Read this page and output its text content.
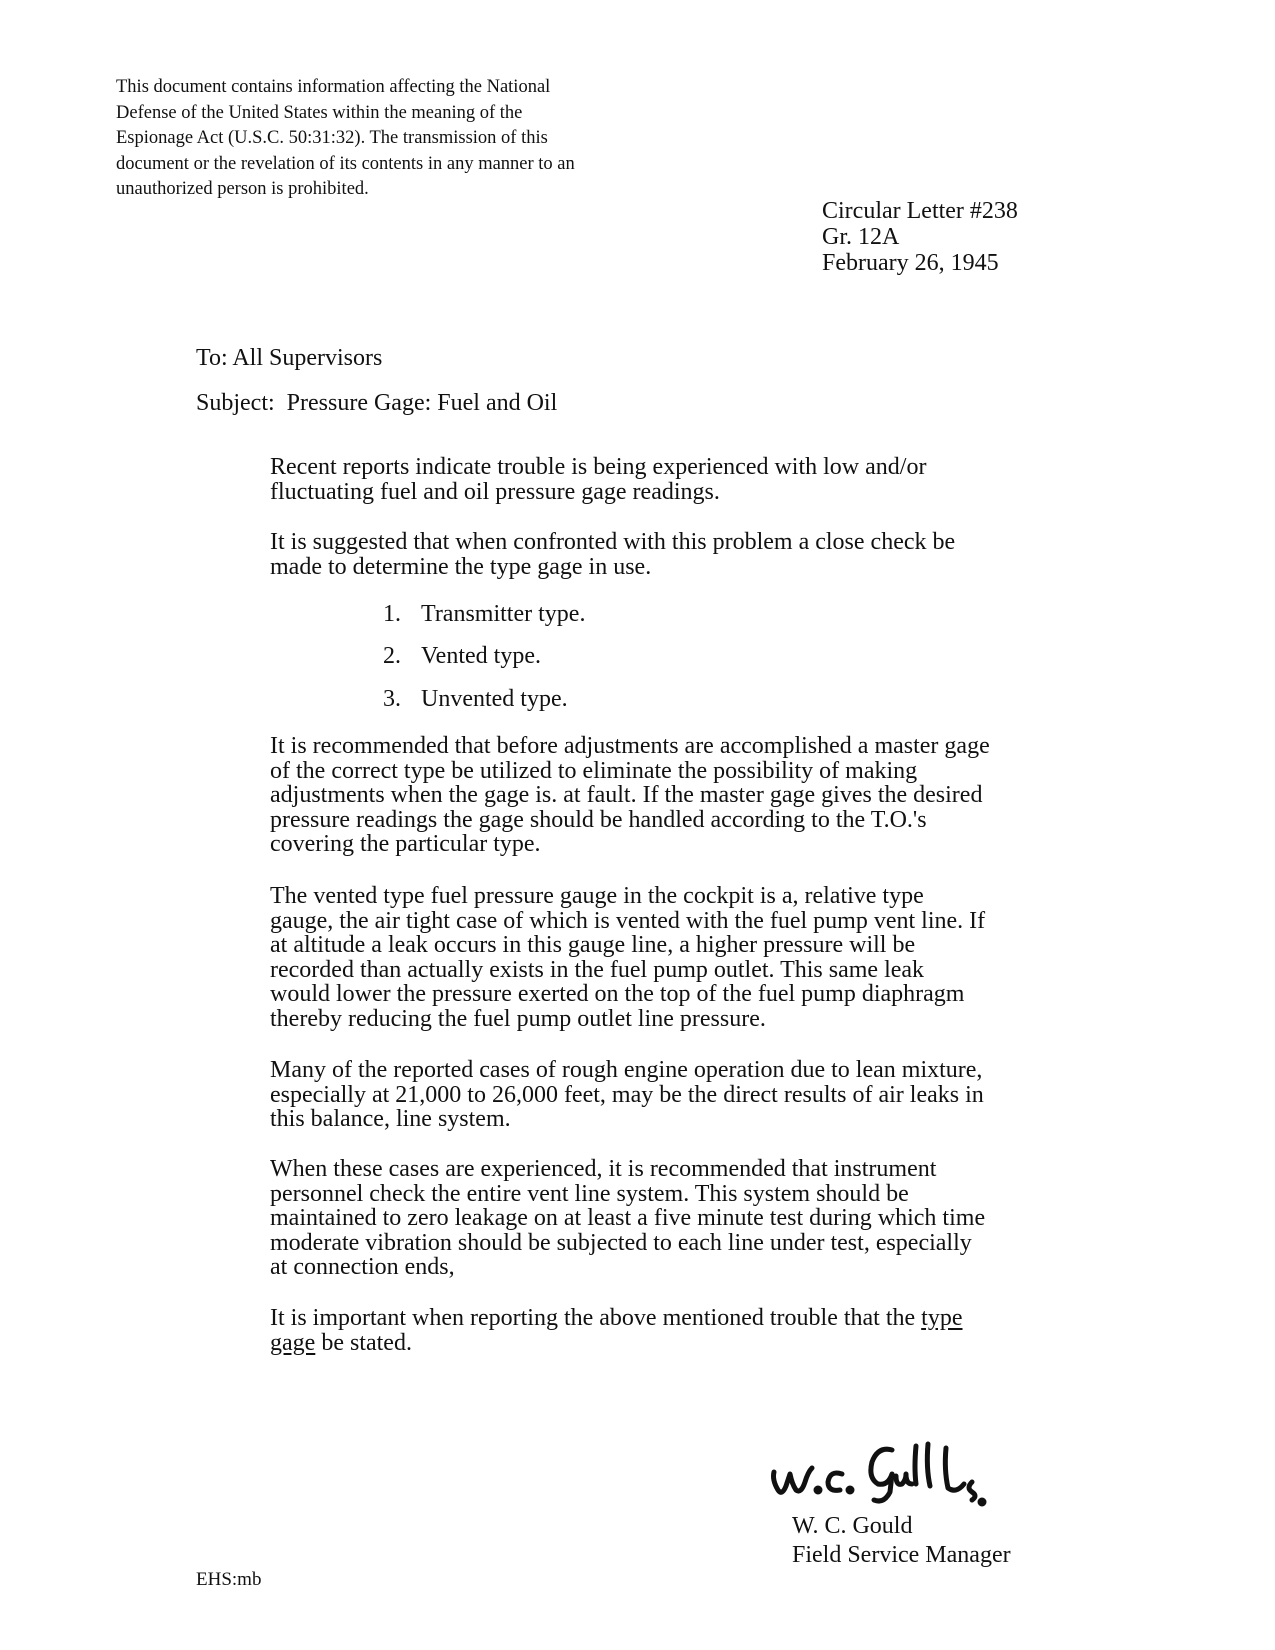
This document contains information affecting the National
Defense of the United States within the meaning of the
Espionage Act (U.S.C. 50:31:32). The transmission of this
document or the revelation of its contents in any manner to an
unauthorized person is prohibited.
Circular Letter #238
Gr. 12A
February 26, 1945
To: All Supervisors
Subject: Pressure Gage: Fuel and Oil
Recent reports indicate trouble is being experienced with low and/or
fluctuating fuel and oil pressure gage readings.
It is suggested that when confronted with this problem a close check be
made to determine the type gage in use.
1. Transmitter type.
2. Vented type.
3. Unvented type.
It is recommended that before adjustments are accomplished a master gage
of the correct type be utilized to eliminate the possibility of making
adjustments when the gage is. at fault. If the master gage gives the desired
pressure readings the gage should be handled according to the T.O.'s
covering the particular type.
The vented type fuel pressure gauge in the cockpit is a, relative type
gauge, the air tight case of which is vented with the fuel pump vent line. If
at altitude a leak occurs in this gauge line, a higher pressure will be
recorded than actually exists in the fuel pump outlet. This same leak
would lower the pressure exerted on the top of the fuel pump diaphragm
thereby reducing the fuel pump outlet line pressure.
Many of the reported cases of rough engine operation due to lean mixture,
especially at 21,000 to 26,000 feet, may be the direct results of air leaks in
this balance, line system.
When these cases are experienced, it is recommended that instrument
personnel check the entire vent line system. This system should be
maintained to zero leakage on at least a five minute test during which time
moderate vibration should be subjected to each line under test, especially
at connection ends,
It is important when reporting the above mentioned trouble that the type
gage be stated.
W. C. Gould
Field Service Manager
EHS:mb
